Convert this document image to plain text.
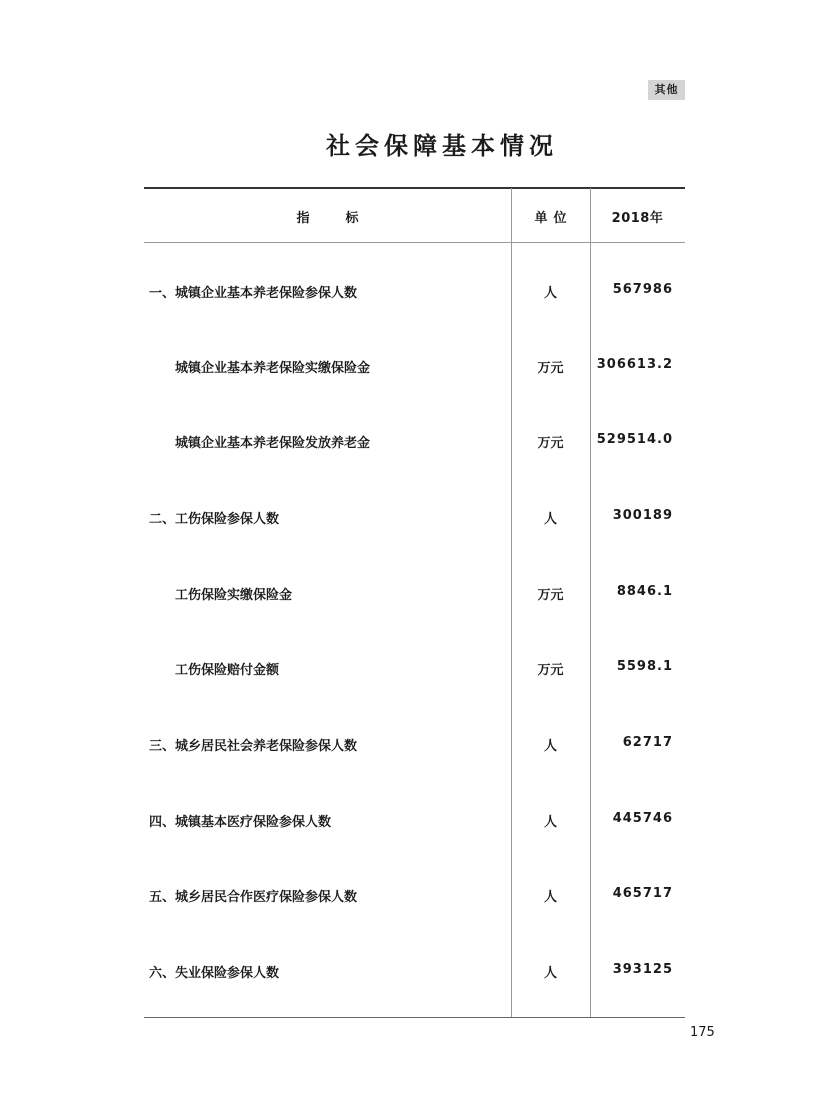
其他
社会保障基本情况
指标	单位	2018年
一、城镇企业基本养老保险参保人数	人	567986
城镇企业基本养老保险实缴保险金	万元	306613.2
城镇企业基本养老保险发放养老金	万元	529514.0
二、工伤保险参保人数	人	300189
工伤保险实缴保险金	万元	8846.1
工伤保险赔付金额	万元	5598.1
三、城乡居民社会养老保险参保人数	人	62717
四、城镇基本医疗保险参保人数	人	445746
五、城乡居民合作医疗保险参保人数	人	465717
六、失业保险参保人数	人	393125
175
